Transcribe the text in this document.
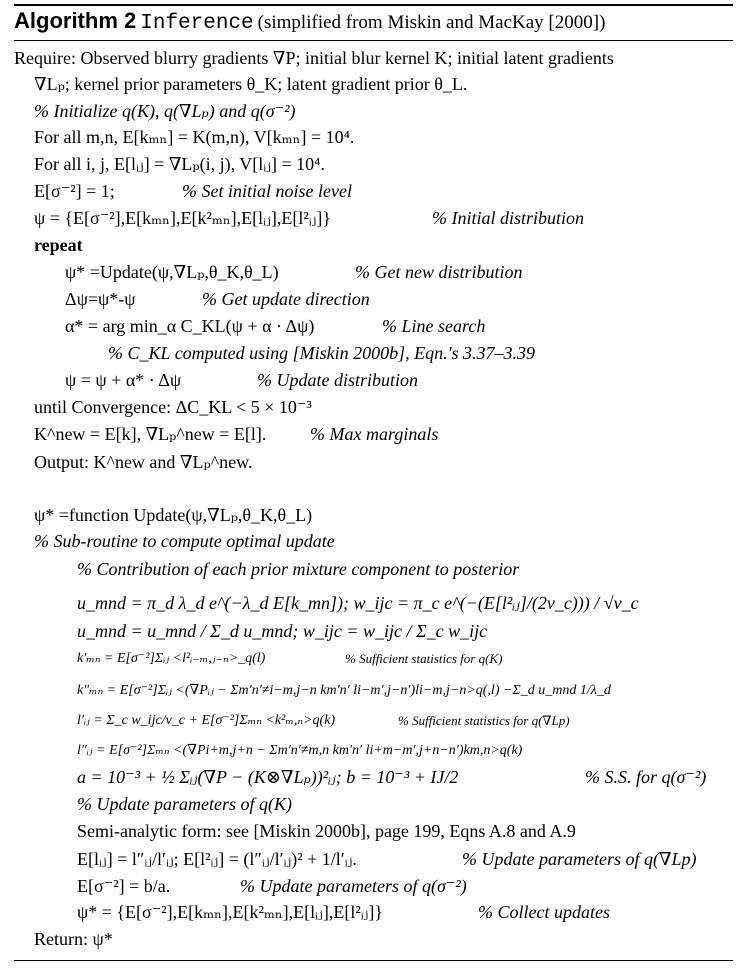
Algorithm 2 Inference (simplified from Miskin and MacKay [2000])
Require: Observed blurry gradients ∇P; initial blur kernel K; initial latent gradients
∇Lₚ; kernel prior parameters θ_K; latent gradient prior θ_L.
% Initialize q(K), q(∇Lₚ) and q(σ⁻²)
For all m,n, E[kₘₙ] = K(m,n), V[kₘₙ] = 10⁴.
For all i, j, E[lᵢⱼ] = ∇Lₚ(i, j), V[lᵢⱼ] = 10⁴.
E[σ⁻²] = 1;	% Set initial noise level
ψ = {E[σ⁻²],E[kₘₙ],E[k²ₘₙ],E[lᵢⱼ],E[l²ᵢⱼ]}	% Initial distribution
repeat
ψ* =Update(ψ,∇Lₚ,θ_K,θ_L)	% Get new distribution
Δψ=ψ*-ψ	% Get update direction
α* = arg min_α C_KL(ψ + α · Δψ)	% Line search
% C_KL computed using [Miskin 2000b], Eqn.'s 3.37–3.39
ψ = ψ + α* · Δψ	% Update distribution
until Convergence: ΔC_KL < 5 × 10⁻³
K^new = E[k], ∇Lₚ^new = E[l]. % Max marginals
Output: K^new and ∇Lₚ^new.
ψ* =function Update(ψ,∇Lₚ,θ_K,θ_L)
% Sub-routine to compute optimal update
% Contribution of each prior mixture component to posterior
u_mnd = π_d λ_d e^(−λ_d E[k_mn]); w_ijc = π_c e^(−(E[l²ᵢⱼ]/(2v_c))) / √v_c
u_mnd = u_mnd / Σ_d u_mnd; w_ijc = w_ijc / Σ_c w_ijc
k′ₘₙ = E[σ⁻²]Σᵢⱼ <l²ᵢ₋ₘ,ⱼ₋ₙ>_q(l)	% Sufficient statistics for q(K)
k″ₘₙ = E[σ⁻²]Σᵢⱼ <(∇Pᵢⱼ − Σm′n′≠i−m,j−n km′n′ li−m′,j−n′)li−m,j−n>q(,l) −Σ_d u_mnd 1/λ_d
l′ᵢⱼ = Σ_c w_ijc/v_c + E[σ⁻²]Σₘₙ <k²ₘ,ₙ>q(k)	% Sufficient statistics for q(∇Lp)
l″ᵢⱼ = E[σ⁻²]Σₘₙ <(∇Pi+m,j+n − Σm′n′≠m,n km′n′ li+m−m′,j+n−n′)km,n>q(k)
a = 10⁻³ + ½ Σᵢⱼ(∇P − (K⊗∇Lₚ))²ᵢⱼ; b = 10⁻³ + IJ/2	% S.S. for q(σ⁻²)
% Update parameters of q(K)
Semi-analytic form: see [Miskin 2000b], page 199, Eqns A.8 and A.9
E[lᵢⱼ] = l″ᵢⱼ/l′ᵢⱼ; E[l²ᵢⱼ] = (l″ᵢⱼ/l′ᵢⱼ)² + 1/l′ᵢⱼ.	% Update parameters of q(∇Lp)
E[σ⁻²] = b/a.	% Update parameters of q(σ⁻²)
ψ* = {E[σ⁻²],E[kₘₙ],E[k²ₘₙ],E[lᵢⱼ],E[l²ᵢⱼ]}	% Collect updates
Return: ψ*
